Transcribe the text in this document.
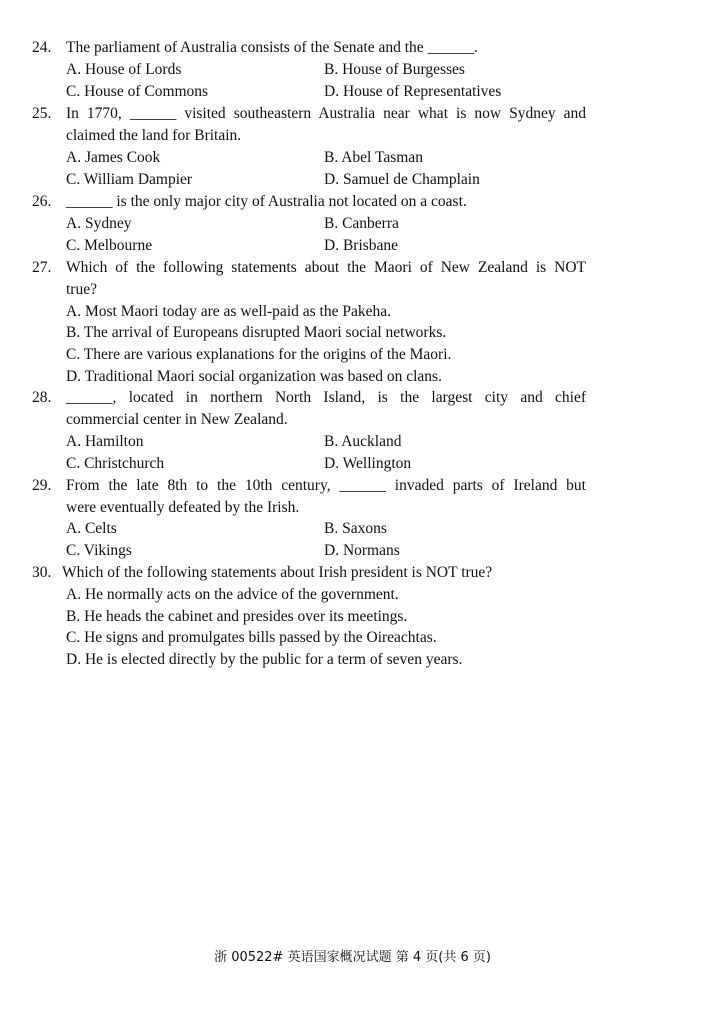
24. The parliament of Australia consists of the Senate and the ______.
A. House of Lords	B. House of Burgesses
C. House of Commons	D. House of Representatives
25. In 1770, ______ visited southeastern Australia near what is now Sydney and
claimed the land for Britain.
A. James Cook	B. Abel Tasman
C. William Dampier	D. Samuel de Champlain
26. ______ is the only major city of Australia not located on a coast.
A. Sydney	B. Canberra
C. Melbourne	D. Brisbane
27. Which of the following statements about the Maori of New Zealand is NOT
true?
A. Most Maori today are as well-paid as the Pakeha.
B. The arrival of Europeans disrupted Maori social networks.
C. There are various explanations for the origins of the Maori.
D. Traditional Maori social organization was based on clans.
28. ______, located in northern North Island, is the largest city and chief
commercial center in New Zealand.
A. Hamilton	B. Auckland
C. Christchurch	D. Wellington
29. From the late 8th to the 10th century, ______ invaded parts of Ireland but
were eventually defeated by the Irish.
A. Celts	B. Saxons
C. Vikings	D. Normans
30. Which of the following statements about Irish president is NOT true?
A. He normally acts on the advice of the government.
B. He heads the cabinet and presides over its meetings.
C. He signs and promulgates bills passed by the Oireachtas.
D. He is elected directly by the public for a term of seven years.
浙 00522# 英语国家概况试题 第 4 页(共 6 页)
